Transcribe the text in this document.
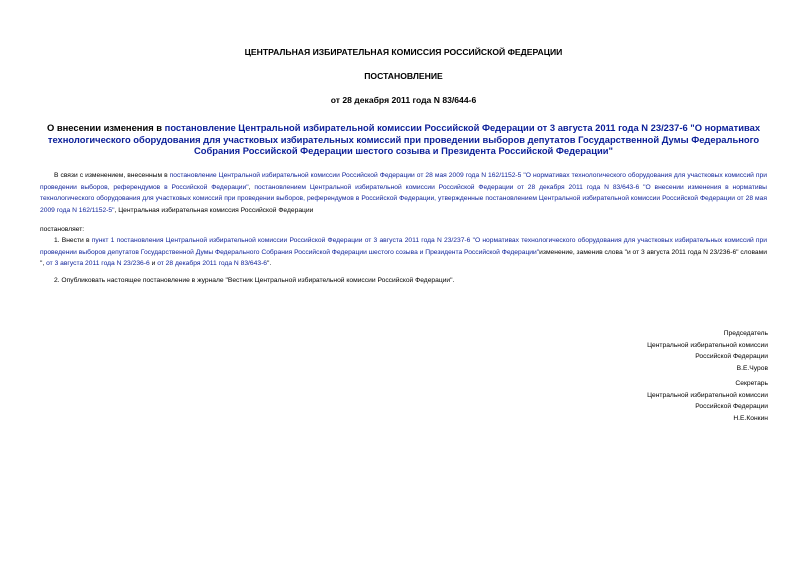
ЦЕНТРАЛЬНАЯ ИЗБИРАТЕЛЬНАЯ КОМИССИЯ РОССИЙСКОЙ ФЕДЕРАЦИИ
ПОСТАНОВЛЕНИЕ
от 28 декабря 2011 года N 83/644-6
О внесении изменения в постановление Центральной избирательной комиссии Российской Федерации от 3 августа 2011 года N 23/237-6 "О нормативах технологического оборудования для участковых избирательных комиссий при проведении выборов депутатов Государственной Думы Федерального Собрания Российской Федерации шестого созыва и Президента Российской Федерации"
В связи с изменением, внесенным в постановление Центральной избирательной комиссии Российской Федерации от 28 мая 2009 года N 162/1152-5 "О нормативах технологического оборудования для участковых комиссий при проведении выборов, референдумов в Российской Федерации", постановлением Центральной избирательной комиссии Российской Федерации от 28 декабря 2011 года N 83/643-6 "О внесении изменения в нормативы технологического оборудования для участковых комиссий при проведении выборов, референдумов в Российской Федерации, утвержденные постановлением Центральной избирательной комиссии Российской Федерации от 28 мая 2009 года N 162/1152-5", Центральная избирательная комиссия Российской Федерации
постановляет:
1. Внести в пункт 1 постановления Центральной избирательной комиссии Российской Федерации от 3 августа 2011 года N 23/237-6 "О нормативах технологического оборудования для участковых избирательных комиссий при проведении выборов депутатов Государственной Думы Федерального Собрания Российской Федерации шестого созыва и Президента Российской Федерации"изменение, заменив слова "и от 3 августа 2011 года N 23/236-6" словами ", от 3 августа 2011 года N 23/236-6 и от 28 декабря 2011 года N 83/643-6".
2. Опубликовать настоящее постановление в журнале "Вестник Центральной избирательной комиссии Российской Федерации".
Председатель
Центральной избирательной комиссии
Российской Федерации
В.Е.Чуров
Секретарь
Центральной избирательной комиссии
Российской Федерации
Н.Е.Конкин
